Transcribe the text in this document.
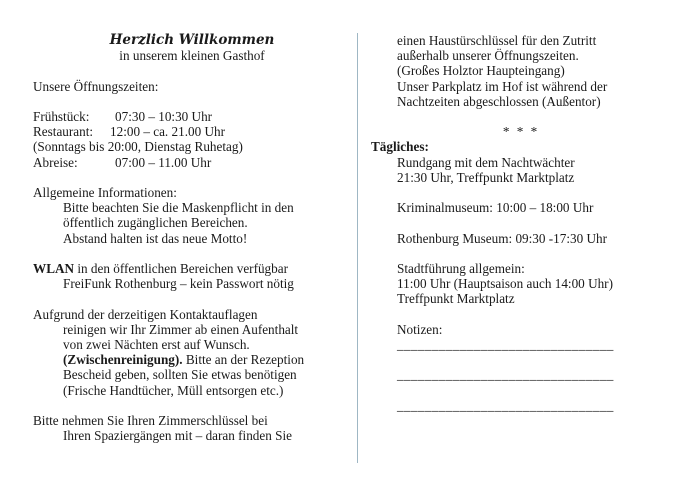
Herzlich Willkommen
in unserem kleinen Gasthof
Unsere Öffnungszeiten:
Frühstück:	07:30 – 10:30 Uhr
Restaurant:	12:00 – ca. 21.00 Uhr
(Sonntags bis 20:00, Dienstag Ruhetag)
Abreise:	07:00 – 11.00 Uhr
Allgemeine Informationen:
Bitte beachten Sie die Maskenpflicht in den
öffentlich zugänglichen Bereichen.
Abstand halten ist das neue Motto!
WLAN in den öffentlichen Bereichen verfügbar
FreiFunk Rothenburg – kein Passwort nötig
Aufgrund der derzeitigen Kontaktauflagen
reinigen wir Ihr Zimmer ab einen Aufenthalt
von zwei Nächten erst auf Wunsch.
(Zwischenreinigung). Bitte an der Rezeption
Bescheid geben, sollten Sie etwas benötigen
(Frische Handtücher, Müll entsorgen etc.)
Bitte nehmen Sie Ihren Zimmerschlüssel bei
Ihren Spaziergängen mit – daran finden Sie
einen Haustürschlüssel für den Zutritt
außerhalb unserer Öffnungszeiten.
(Großes Holztor Haupteingang)
Unser Parkplatz im Hof ist während der
Nachtzeiten abgeschlossen (Außentor)
* * *
Tägliches:
Rundgang mit dem Nachtwächter
21:30 Uhr, Treffpunkt Marktplatz
Kriminalmuseum: 10:00 – 18:00 Uhr
Rothenburg Museum: 09:30 -17:30 Uhr
Stadtführung allgemein:
11:00 Uhr (Hauptsaison auch 14:00 Uhr)
Treffpunkt Marktplatz
Notizen:
_______________________________
_______________________________
_______________________________
